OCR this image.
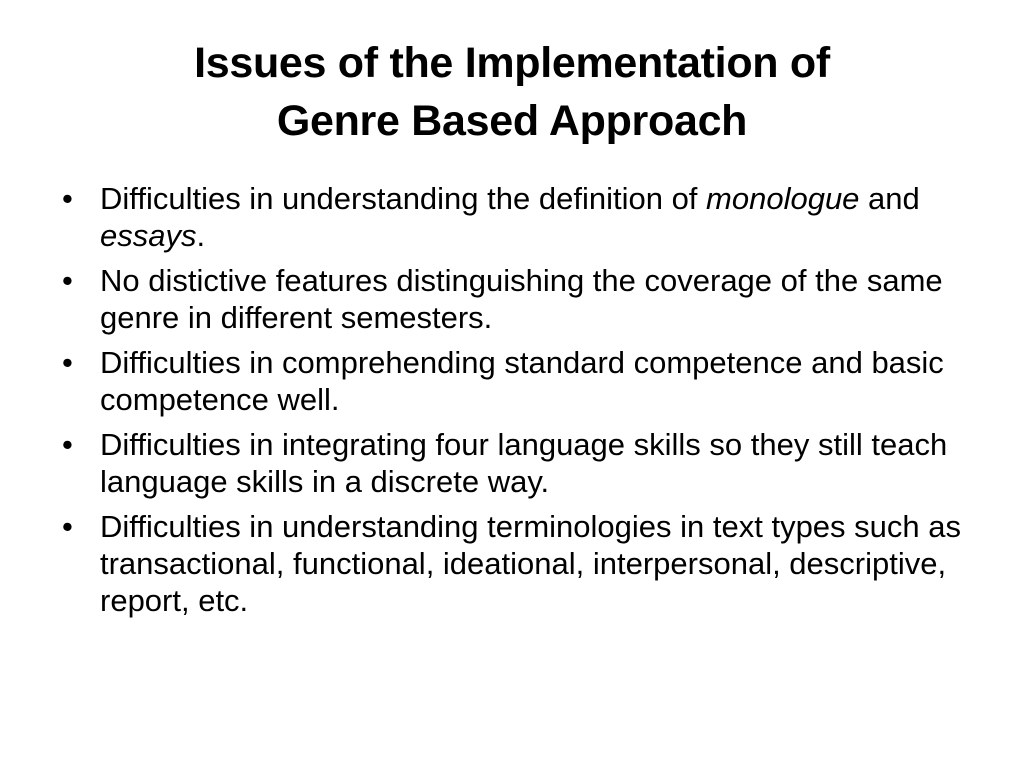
Issues of the Implementation of
Genre Based Approach
• Difficulties in understanding the definition of monologue and essays.
• No distictive features distinguishing the coverage of the same genre in different semesters.
• Difficulties in comprehending standard competence and basic competence well.
• Difficulties in integrating four language skills so they still teach language skills in a discrete way.
• Difficulties in understanding terminologies in text types such as transactional, functional, ideational, interpersonal, descriptive, report, etc.
